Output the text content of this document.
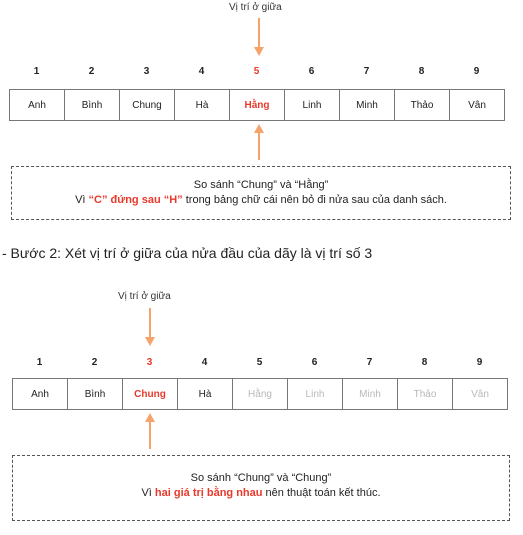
Vị trí ở giữa
1	2	3	4	5	6	7	8	9
Anh	Bình	Chung	Hà	Hằng	Linh	Minh	Thảo	Vân
So sánh “Chung” và “Hằng”
Vì “C” đứng sau “H” trong bảng chữ cái nên bỏ đi nửa sau của danh sách.
- Bước 2: Xét vị trí ở giữa của nửa đầu của dãy là vị trí số 3
Vị trí ở giữa
1	2	3	4	5	6	7	8	9
Anh	Bình	Chung	Hà	Hằng	Linh	Minh	Thảo	Vân
So sánh “Chung” và “Chung”
Vì hai giá trị bằng nhau nên thuật toán kết thúc.
